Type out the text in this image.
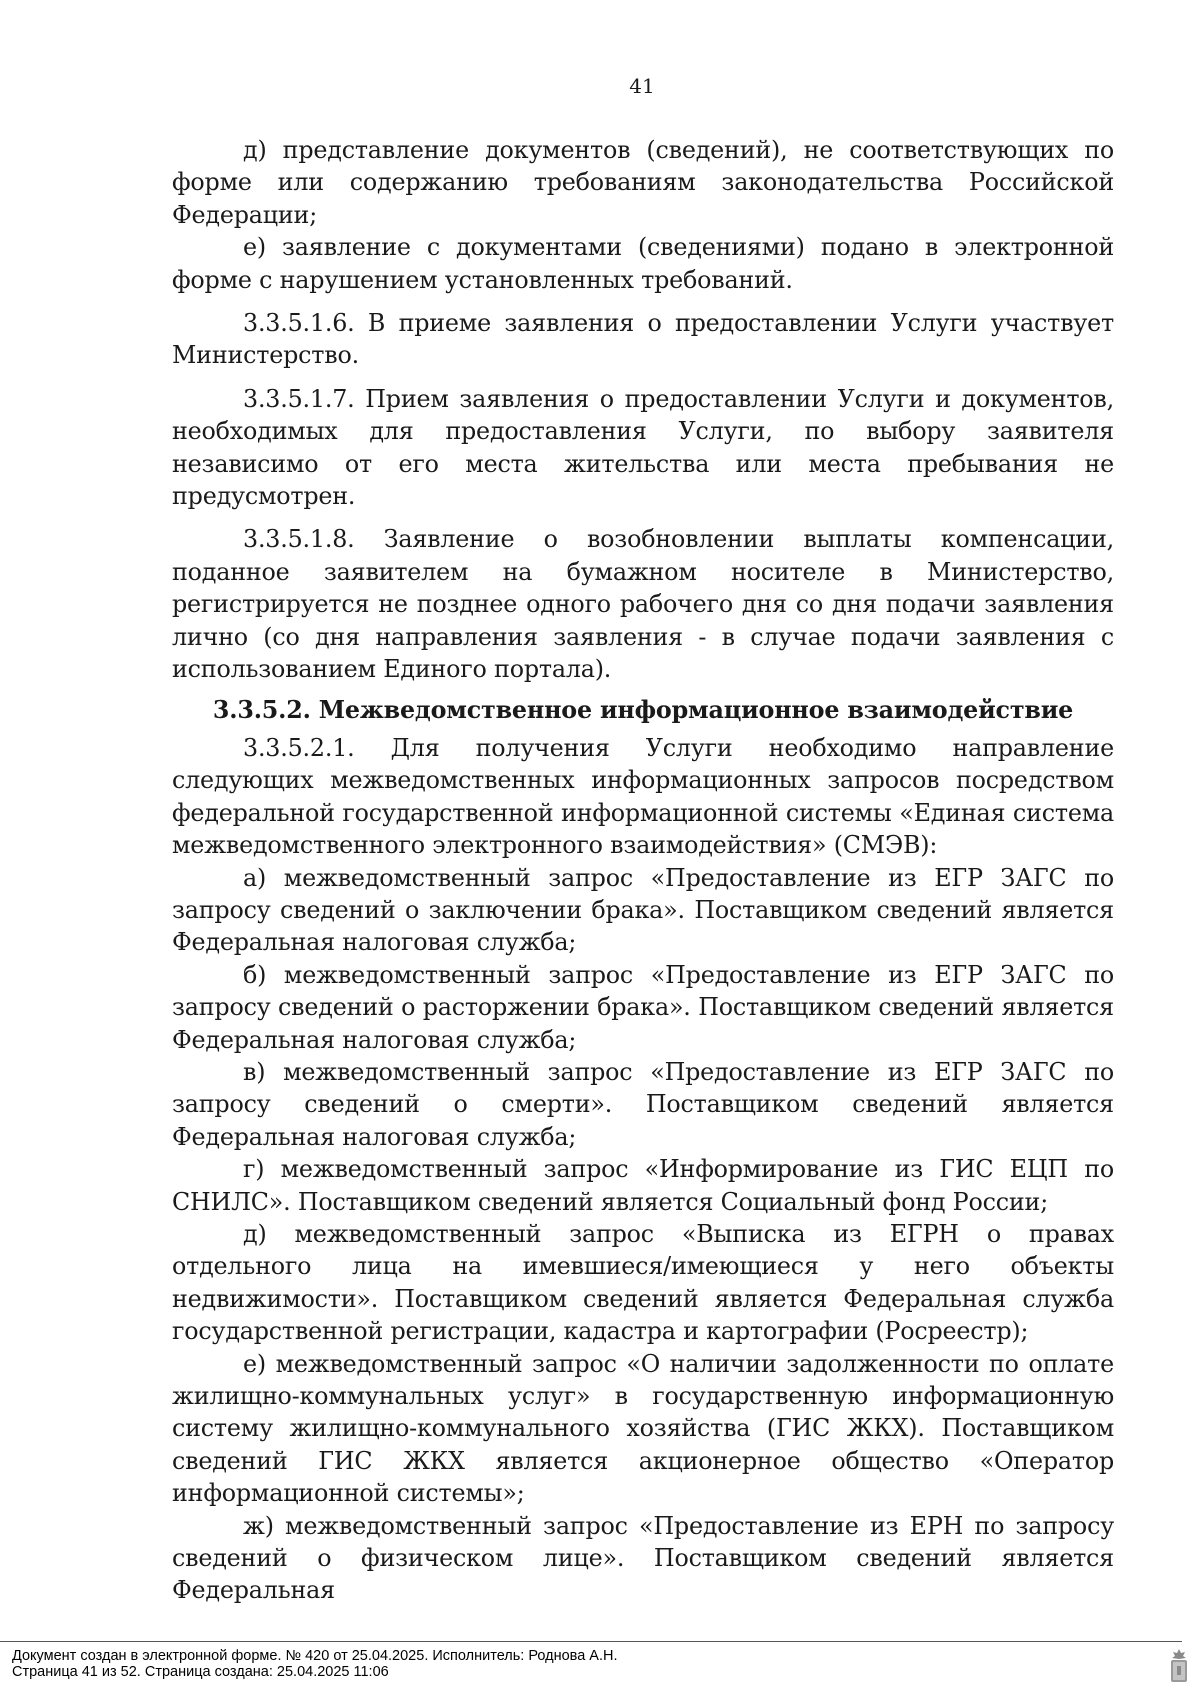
41

д) представление документов (сведений), не соответствующих по форме или содержанию требованиям законодательства Российской Федерации;

е) заявление с документами (сведениями) подано в электронной форме с нарушением установленных требований.

3.3.5.1.6. В приеме заявления о предоставлении Услуги участвует Министерство.

3.3.5.1.7. Прием заявления о предоставлении Услуги и документов, необходимых для предоставления Услуги, по выбору заявителя независимо от его места жительства или места пребывания не предусмотрен.

3.3.5.1.8. Заявление о возобновлении выплаты компенсации, поданное заявителем на бумажном носителе в Министерство, регистрируется не позднее одного рабочего дня со дня подачи заявления лично (со дня направления заявления - в случае подачи заявления с использованием Единого портала).

3.3.5.2. Межведомственное информационное взаимодействие

3.3.5.2.1. Для получения Услуги необходимо направление следующих межведомственных информационных запросов посредством федеральной государственной информационной системы «Единая система межведомственного электронного взаимодействия» (СМЭВ):

а) межведомственный запрос «Предоставление из ЕГР ЗАГС по запросу сведений о заключении брака». Поставщиком сведений является Федеральная налоговая служба;

б) межведомственный запрос «Предоставление из ЕГР ЗАГС по запросу сведений о расторжении брака». Поставщиком сведений является Федеральная налоговая служба;

в) межведомственный запрос «Предоставление из ЕГР ЗАГС по запросу сведений о смерти». Поставщиком сведений является Федеральная налоговая служба;

г) межведомственный запрос «Информирование из ГИС ЕЦП по СНИЛС». Поставщиком сведений является Социальный фонд России;

д) межведомственный запрос «Выписка из ЕГРН о правах отдельного лица на имевшиеся/имеющиеся у него объекты недвижимости». Поставщиком сведений является Федеральная служба государственной регистрации, кадастра и картографии (Росреестр);

е) межведомственный запрос «О наличии задолженности по оплате жилищно-коммунальных услуг» в государственную информационную систему жилищно-коммунального хозяйства (ГИС ЖКХ). Поставщиком сведений ГИС ЖКХ является акционерное общество «Оператор информационной системы»;

ж) межведомственный запрос «Предоставление из ЕРН по запросу сведений о физическом лице». Поставщиком сведений является Федеральная

Документ создан в электронной форме. № 420 от 25.04.2025. Исполнитель: Роднова А.Н.
Страница 41 из 52. Страница создана: 25.04.2025 11:06
